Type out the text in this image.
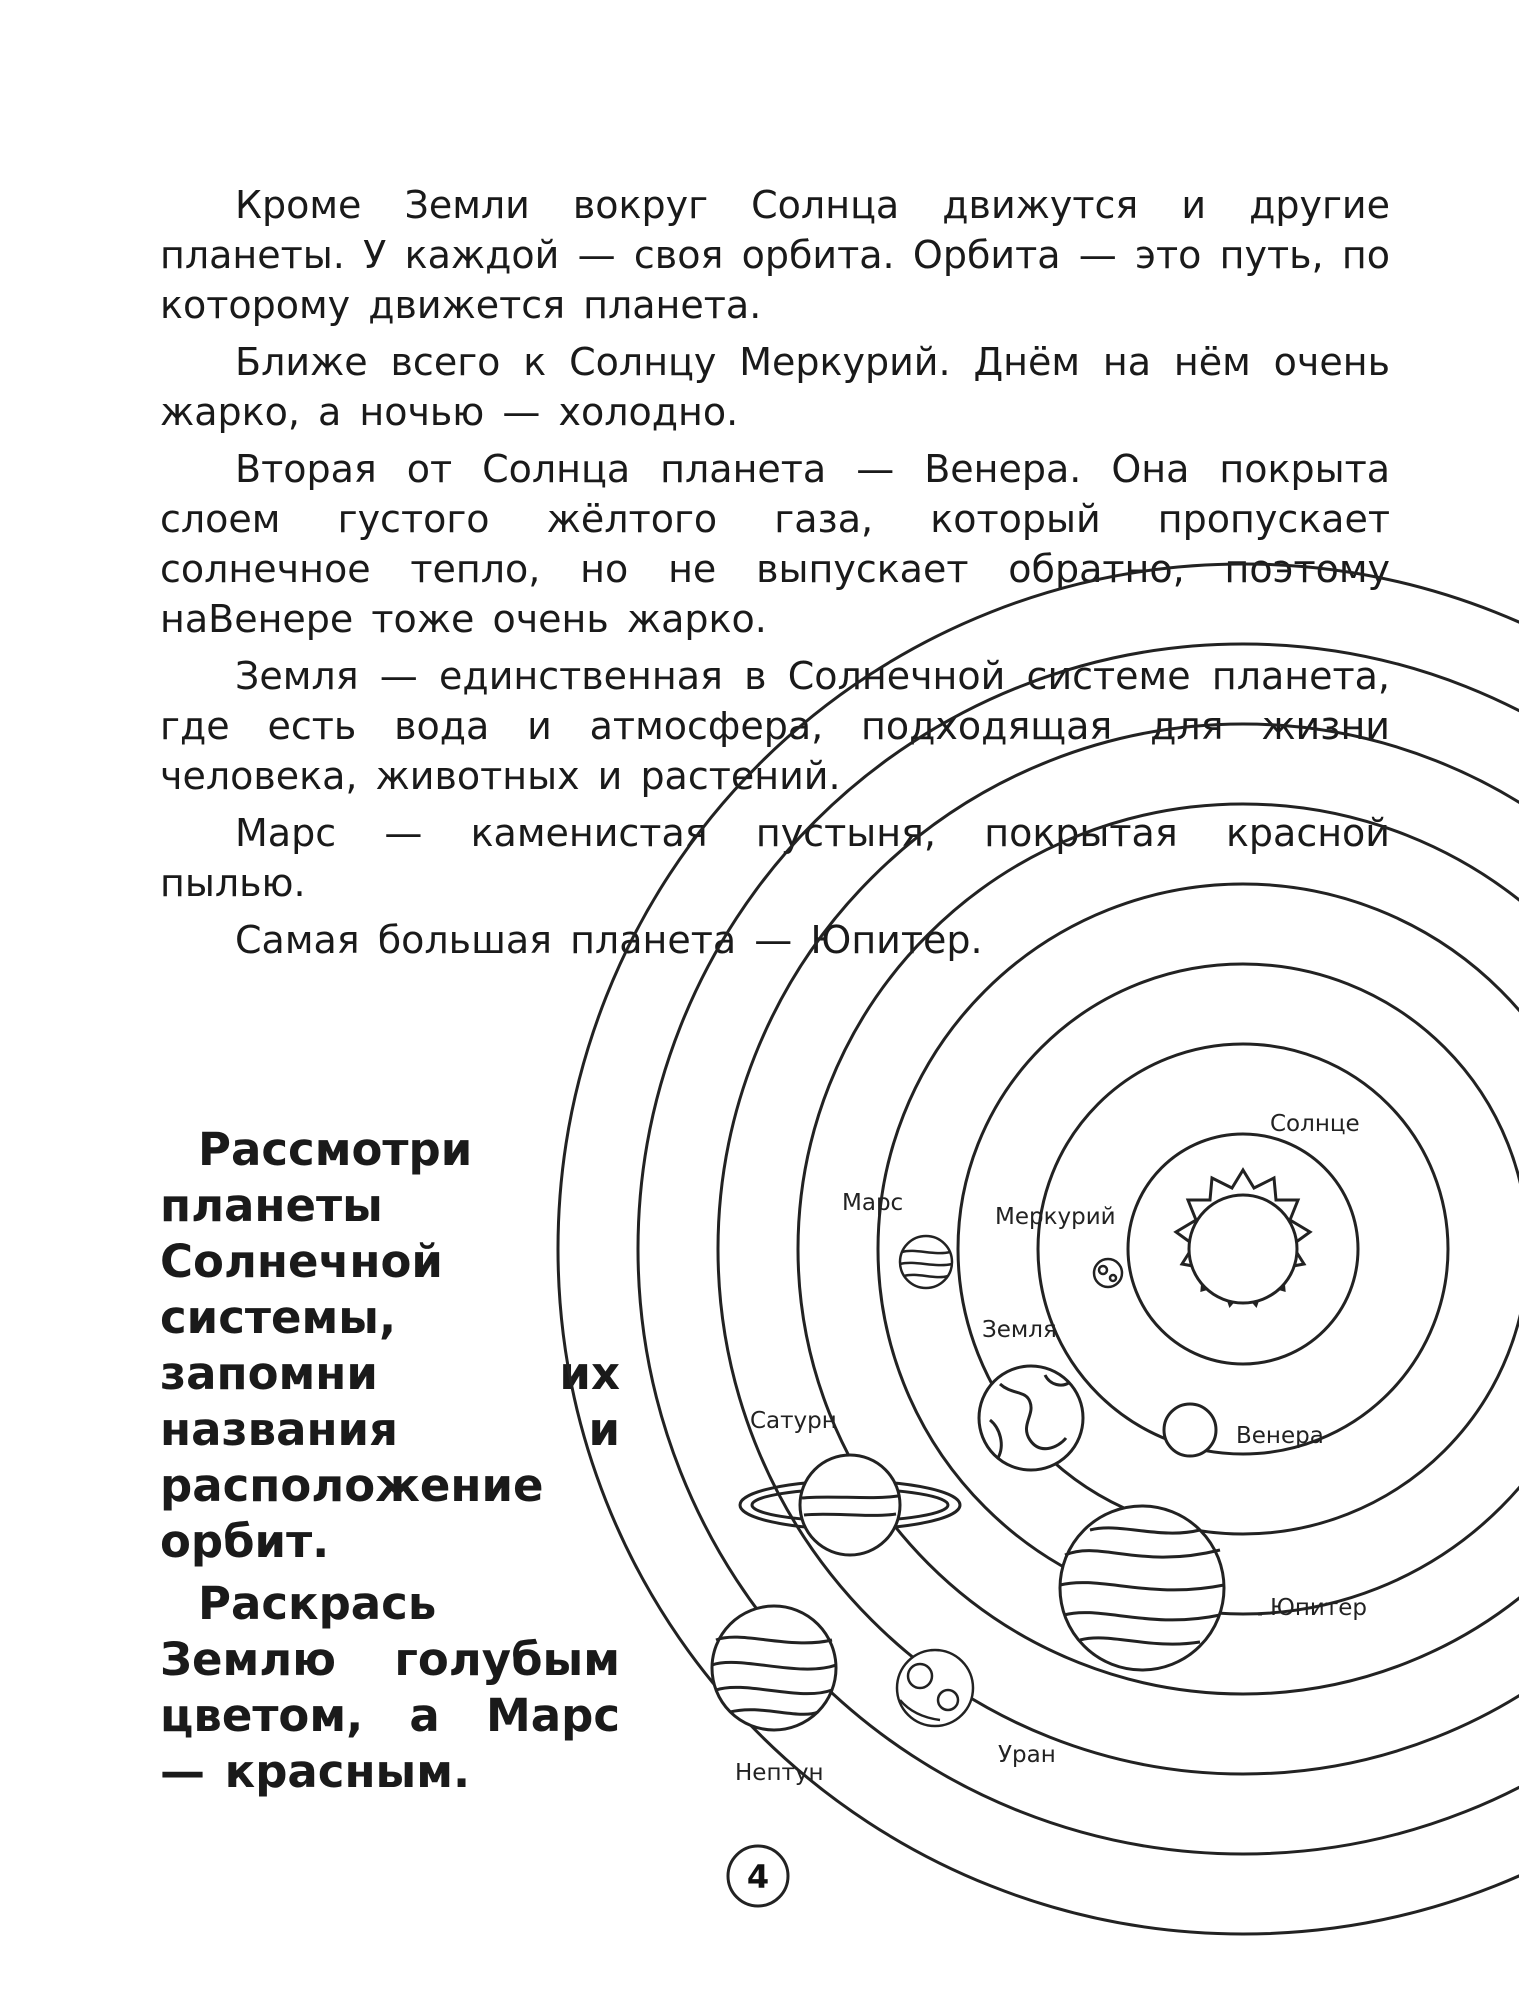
Кроме Земли вокруг Солнца движутся и другие планеты. У каждой — своя орбита. Орбита — это путь, по которому движется планета.

Ближе всего к Солнцу Меркурий. Днём на нём очень жарко, а ночью — холодно.

Вторая от Солнца планета — Венера. Она покрыта слоем густого жёлтого газа, который пропускает солнечное тепло, но не выпускает обратно, поэтому наВенере тоже очень жарко.

Земля — единственная в Солнечной системе планета, где есть вода и атмосфера, подходящая для жизни человека, животных и растений.

Марс — каменистая пустыня, покрытая красной пылью.

Самая большая планета — Юпитер.

Рассмотри планеты Солнечной системы, запомни их названия и расположение орбит.

Раскрась Землю голубым цветом, а Марс — красным.

Солнце
Меркурий
Венера
Земля
Марс
Юпитер
Сатурн
Уран
Нептун
4
